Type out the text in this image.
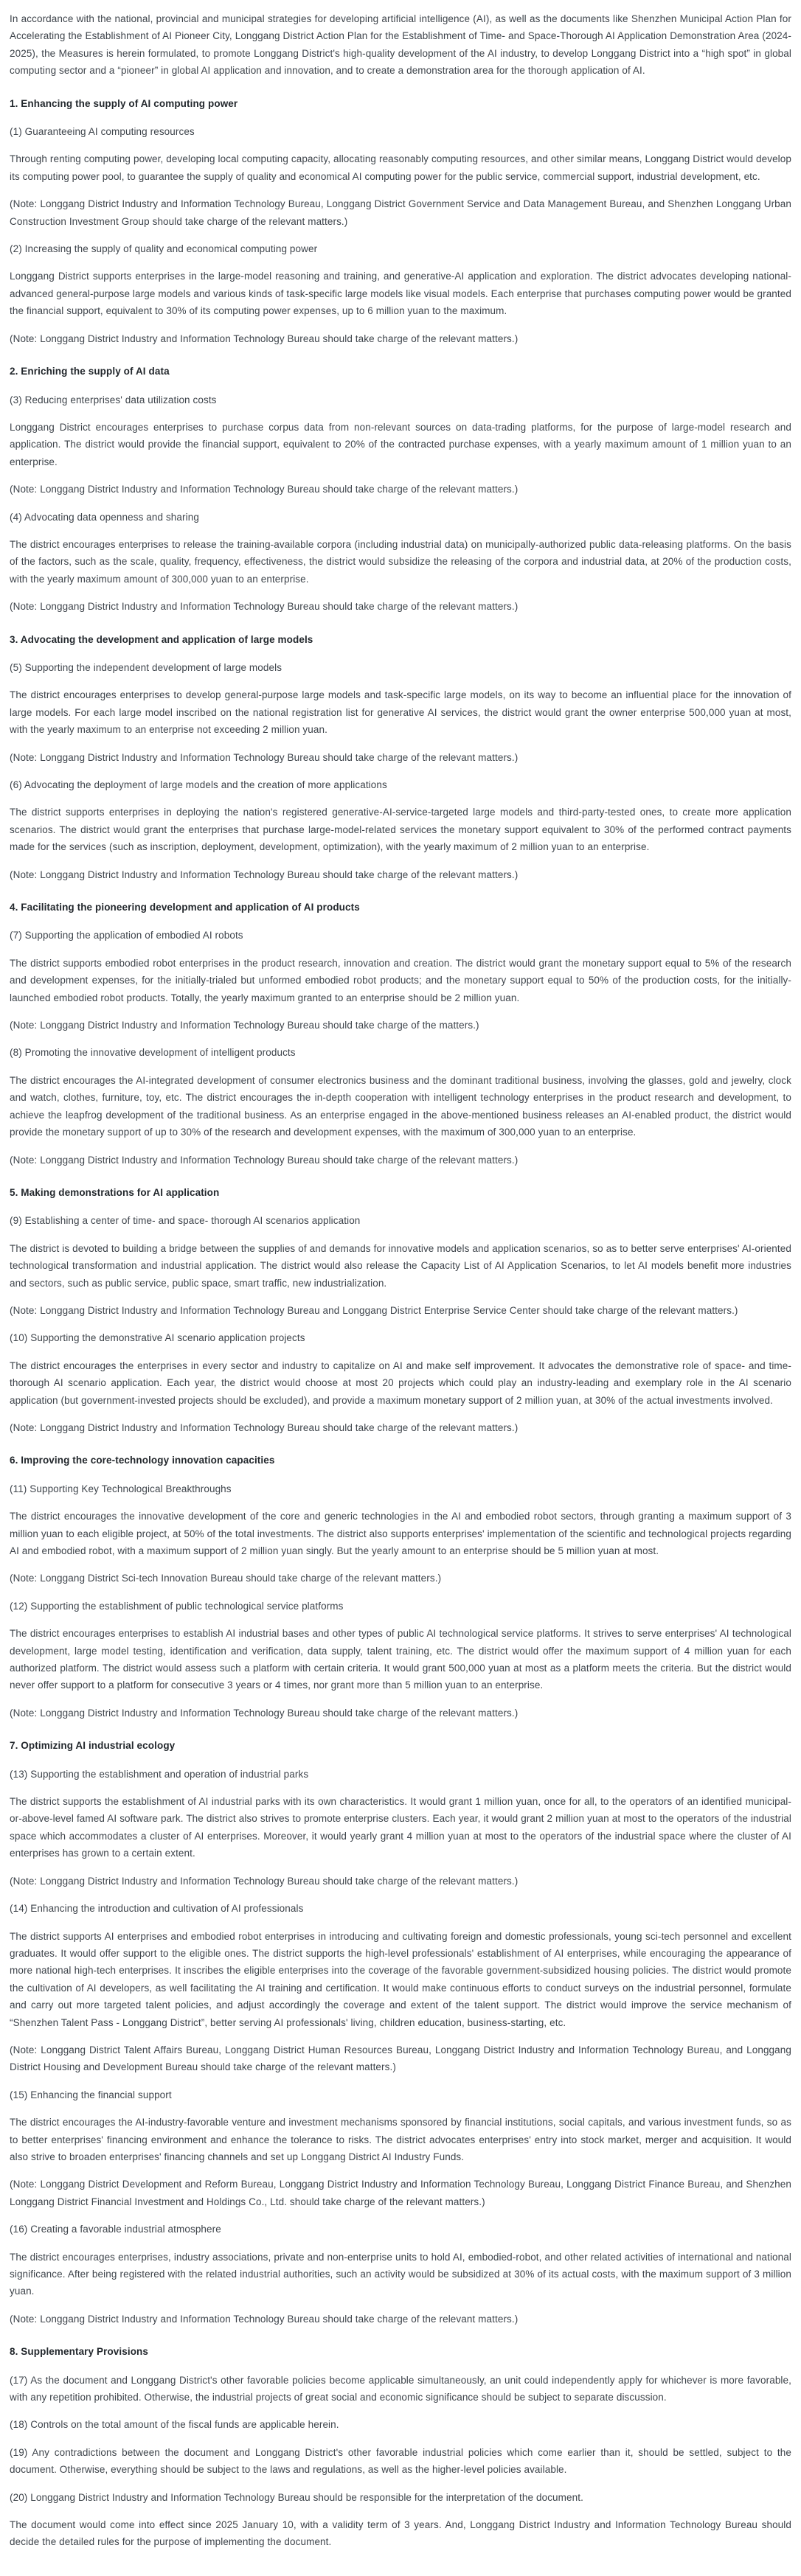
In accordance with the national, provincial and municipal strategies for developing artificial intelligence (AI), as well as the documents like Shenzhen Municipal Action Plan for Accelerating the Establishment of AI Pioneer City, Longgang District Action Plan for the Establishment of Time- and Space-Thorough AI Application Demonstration Area (2024-2025), the Measures is herein formulated, to promote Longgang District's high-quality development of the AI industry, to develop Longgang District into a “high spot” in global computing sector and a “pioneer” in global AI application and innovation, and to create a demonstration area for the thorough application of AI.

1. Enhancing the supply of AI computing power

(1) Guaranteeing AI computing resources

Through renting computing power, developing local computing capacity, allocating reasonably computing resources, and other similar means, Longgang District would develop its computing power pool, to guarantee the supply of quality and economical AI computing power for the public service, commercial support, industrial development, etc.

(Note: Longgang District Industry and Information Technology Bureau, Longgang District Government Service and Data Management Bureau, and Shenzhen Longgang Urban Construction Investment Group should take charge of the relevant matters.)

(2) Increasing the supply of quality and economical computing power

Longgang District supports enterprises in the large-model reasoning and training, and generative-AI application and exploration. The district advocates developing national-advanced general-purpose large models and various kinds of task-specific large models like visual models. Each enterprise that purchases computing power would be granted the financial support, equivalent to 30% of its computing power expenses, up to 6 million yuan to the maximum.

(Note: Longgang District Industry and Information Technology Bureau should take charge of the relevant matters.)

2. Enriching the supply of AI data

(3) Reducing enterprises' data utilization costs

Longgang District encourages enterprises to purchase corpus data from non-relevant sources on data-trading platforms, for the purpose of large-model research and application. The district would provide the financial support, equivalent to 20% of the contracted purchase expenses, with a yearly maximum amount of 1 million yuan to an enterprise.

(Note: Longgang District Industry and Information Technology Bureau should take charge of the relevant matters.)

(4) Advocating data openness and sharing

The district encourages enterprises to release the training-available corpora (including industrial data) on municipally-authorized public data-releasing platforms. On the basis of the factors, such as the scale, quality, frequency, effectiveness, the district would subsidize the releasing of the corpora and industrial data, at 20% of the production costs, with the yearly maximum amount of 300,000 yuan to an enterprise.

(Note: Longgang District Industry and Information Technology Bureau should take charge of the relevant matters.)

3. Advocating the development and application of large models

(5) Supporting the independent development of large models

The district encourages enterprises to develop general-purpose large models and task-specific large models, on its way to become an influential place for the innovation of large models. For each large model inscribed on the national registration list for generative AI services, the district would grant the owner enterprise 500,000 yuan at most, with the yearly maximum to an enterprise not exceeding 2 million yuan.

(Note: Longgang District Industry and Information Technology Bureau should take charge of the relevant matters.)

(6) Advocating the deployment of large models and the creation of more applications

The district supports enterprises in deploying the nation's registered generative-AI-service-targeted large models and third-party-tested ones, to create more application scenarios. The district would grant the enterprises that purchase large-model-related services the monetary support equivalent to 30% of the performed contract payments made for the services (such as inscription, deployment, development, optimization), with the yearly maximum of 2 million yuan to an enterprise.

(Note: Longgang District Industry and Information Technology Bureau should take charge of the relevant matters.)

4. Facilitating the pioneering development and application of AI products

(7) Supporting the application of embodied AI robots

The district supports embodied robot enterprises in the product research, innovation and creation. The district would grant the monetary support equal to 5% of the research and development expenses, for the initially-trialed but unformed embodied robot products; and the monetary support equal to 50% of the production costs, for the initially-launched embodied robot products. Totally, the yearly maximum granted to an enterprise should be 2 million yuan.

(Note: Longgang District Industry and Information Technology Bureau should take charge of the matters.)

(8) Promoting the innovative development of intelligent products

The district encourages the AI-integrated development of consumer electronics business and the dominant traditional business, involving the glasses, gold and jewelry, clock and watch, clothes, furniture, toy, etc. The district encourages the in-depth cooperation with intelligent technology enterprises in the product research and development, to achieve the leapfrog development of the traditional business. As an enterprise engaged in the above-mentioned business releases an AI-enabled product, the district would provide the monetary support of up to 30% of the research and development expenses, with the maximum of 300,000 yuan to an enterprise.

(Note: Longgang District Industry and Information Technology Bureau should take charge of the relevant matters.)

5. Making demonstrations for AI application

(9) Establishing a center of time- and space- thorough AI scenarios application

The district is devoted to building a bridge between the supplies of and demands for innovative models and application scenarios, so as to better serve enterprises' AI-oriented technological transformation and industrial application. The district would also release the Capacity List of AI Application Scenarios, to let AI models benefit more industries and sectors, such as public service, public space, smart traffic, new industrialization.

(Note: Longgang District Industry and Information Technology Bureau and Longgang District Enterprise Service Center should take charge of the relevant matters.)

(10) Supporting the demonstrative AI scenario application projects

The district encourages the enterprises in every sector and industry to capitalize on AI and make self improvement. It advocates the demonstrative role of space- and time-thorough AI scenario application. Each year, the district would choose at most 20 projects which could play an industry-leading and exemplary role in the AI scenario application (but government-invested projects should be excluded), and provide a maximum monetary support of 2 million yuan, at 30% of the actual investments involved.

(Note: Longgang District Industry and Information Technology Bureau should take charge of the relevant matters.)

6. Improving the core-technology innovation capacities

(11) Supporting Key Technological Breakthroughs

The district encourages the innovative development of the core and generic technologies in the AI and embodied robot sectors, through granting a maximum support of 3 million yuan to each eligible project, at 50% of the total investments. The district also supports enterprises' implementation of the scientific and technological projects regarding AI and embodied robot, with a maximum support of 2 million yuan singly. But the yearly amount to an enterprise should be 5 million yuan at most.

(Note: Longgang District Sci-tech Innovation Bureau should take charge of the relevant matters.)

(12) Supporting the establishment of public technological service platforms

The district encourages enterprises to establish AI industrial bases and other types of public AI technological service platforms. It strives to serve enterprises' AI technological development, large model testing, identification and verification, data supply, talent training, etc. The district would offer the maximum support of 4 million yuan for each authorized platform. The district would assess such a platform with certain criteria. It would grant 500,000 yuan at most as a platform meets the criteria. But the district would never offer support to a platform for consecutive 3 years or 4 times, nor grant more than 5 million yuan to an enterprise.

(Note: Longgang District Industry and Information Technology Bureau should take charge of the relevant matters.)

7. Optimizing AI industrial ecology

(13) Supporting the establishment and operation of industrial parks

The district supports the establishment of AI industrial parks with its own characteristics. It would grant 1 million yuan, once for all, to the operators of an identified municipal-or-above-level famed AI software park. The district also strives to promote enterprise clusters. Each year, it would grant 2 million yuan at most to the operators of the industrial space which accommodates a cluster of AI enterprises. Moreover, it would yearly grant 4 million yuan at most to the operators of the industrial space where the cluster of AI enterprises has grown to a certain extent.

(Note: Longgang District Industry and Information Technology Bureau should take charge of the relevant matters.)

(14) Enhancing the introduction and cultivation of AI professionals

The district supports AI enterprises and embodied robot enterprises in introducing and cultivating foreign and domestic professionals, young sci-tech personnel and excellent graduates. It would offer support to the eligible ones. The district supports the high-level professionals' establishment of AI enterprises, while encouraging the appearance of more national high-tech enterprises. It inscribes the eligible enterprises into the coverage of the favorable government-subsidized housing policies. The district would promote the cultivation of AI developers, as well facilitating the AI training and certification. It would make continuous efforts to conduct surveys on the industrial personnel, formulate and carry out more targeted talent policies, and adjust accordingly the coverage and extent of the talent support. The district would improve the service mechanism of “Shenzhen Talent Pass - Longgang District”, better serving AI professionals' living, children education, business-starting, etc.

(Note: Longgang District Talent Affairs Bureau, Longgang District Human Resources Bureau, Longgang District Industry and Information Technology Bureau, and Longgang District Housing and Development Bureau should take charge of the relevant matters.)

(15) Enhancing the financial support

The district encourages the AI-industry-favorable venture and investment mechanisms sponsored by financial institutions, social capitals, and various investment funds, so as to better enterprises' financing environment and enhance the tolerance to risks. The district advocates enterprises' entry into stock market, merger and acquisition. It would also strive to broaden enterprises' financing channels and set up Longgang District AI Industry Funds.

(Note: Longgang District Development and Reform Bureau, Longgang District Industry and Information Technology Bureau, Longgang District Finance Bureau, and Shenzhen Longgang District Financial Investment and Holdings Co., Ltd. should take charge of the relevant matters.)

(16) Creating a favorable industrial atmosphere

The district encourages enterprises, industry associations, private and non-enterprise units to hold AI, embodied-robot, and other related activities of international and national significance. After being registered with the related industrial authorities, such an activity would be subsidized at 30% of its actual costs, with the maximum support of 3 million yuan.

(Note: Longgang District Industry and Information Technology Bureau should take charge of the relevant matters.)

8. Supplementary Provisions

(17) As the document and Longgang District's other favorable policies become applicable simultaneously, an unit could independently apply for whichever is more favorable, with any repetition prohibited. Otherwise, the industrial projects of great social and economic significance should be subject to separate discussion.

(18) Controls on the total amount of the fiscal funds are applicable herein.

(19) Any contradictions between the document and Longgang District's other favorable industrial policies which come earlier than it, should be settled, subject to the document. Otherwise, everything should be subject to the laws and regulations, as well as the higher-level policies available.

(20) Longgang District Industry and Information Technology Bureau should be responsible for the interpretation of the document.

The document would come into effect since 2025 January 10, with a validity term of 3 years. And, Longgang District Industry and Information Technology Bureau should decide the detailed rules for the purpose of implementing the document.
